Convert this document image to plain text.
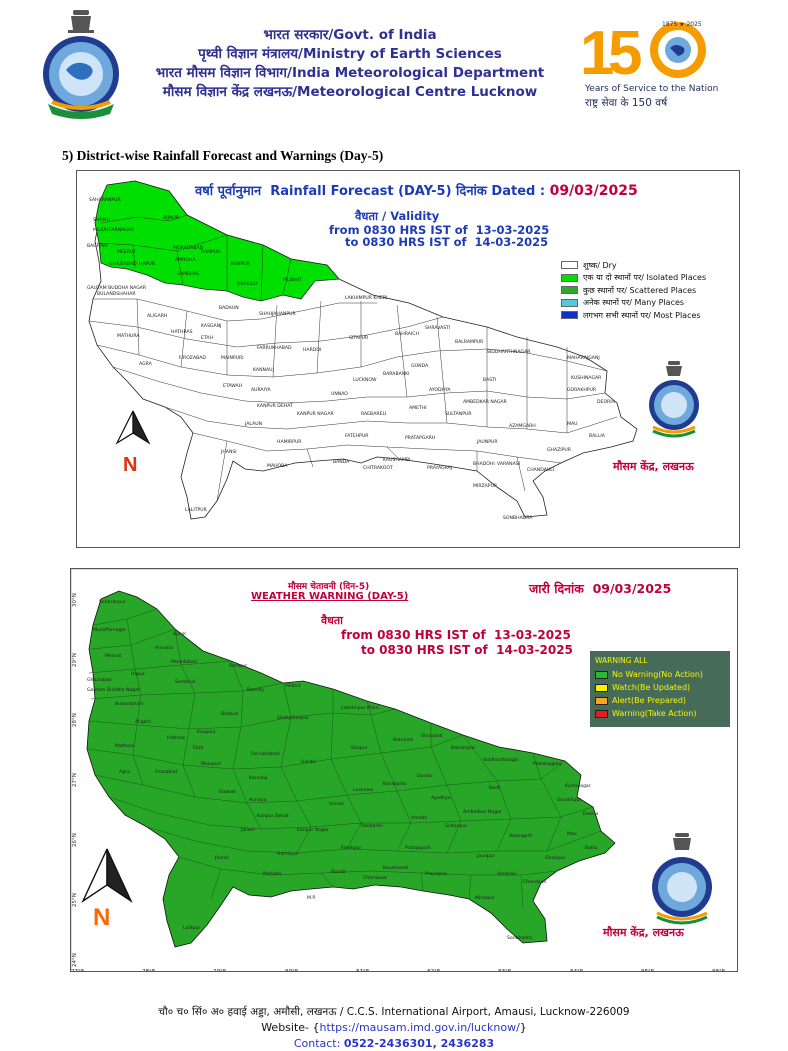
भारत सरकार/Govt. of India
पृथ्वी विज्ञान मंत्रालय/Ministry of Earth Sciences
भारत मौसम विज्ञान विभाग/India Meteorological Department
मौसम विज्ञान केंद्र लखनऊ/Meteorological Centre Lucknow
1
5	1875 ★ 2025
Years of Service to the Nation
राष्ट्र सेवा के 150 वर्ष
5) District-wise Rainfall Forecast and Warnings (Day-5)
SAHARANPUR
SHAMLI	BIJNOR
MUZAFFARNAGAR
BAGHPAT
MEERUT
MORADABAD
RAMPUR
GHAZIABAD HAPUR
AMROHA
SAMBHAL
KANPUR
BAREILLY
PILIBHIT
GAUTAM BUDDHA NAGAR
BULANDSHAHAR
BADAUN
SHAHJAHANPUR
LAKHIMPUR KHERI
ALIGARH
MATHURA
HATHRAS
KASGANJ
AGRA
ETAH
FIROZABAD	MAINPURI
FARRUKHABAD HARDOI
SITAPUR
BAHRAICH
SHRAVASTI
BALRAMPUR
SIDDHARTHNAGAR
MAHARAJGANJ
KANNAUJ
ETAWAH
AURAIYA
KANPUR DEHAT
KANPUR NAGAR
UNNAO
LUCKNOW
BARABANKI
GONDA
BASTI	KUSHINAGAR
GORAKHPUR
DEORIA
AYODHYA
AMBEDKAR NAGAR
AZAMGARH	MAU
BALLIA
JALAUN
HAMIRPUR
FATEHPUR
RAEBARELI
AMETHI
SULTANPUR
JAUNPUR
GHAZIPUR
JHANSI
MAHOBA
BANDA
CHITRAKOOT
KAUSHAMBI
PRATAPGARH
PRAYAGRAJ
VARANASI
CHANDAULI
MIRZAPUR
SONBHADRA
LALITPUR
BHADOHI
N
वर्षा पूर्वानुमान Rainfall Forecast (DAY-5) दिनांक Dated : 09/03/2025
वैधता / Validity
from 0830 HRS IST of 13-03-2025
to 0830 HRS IST of 14-03-2025
शुष्क/ Dry
एक या दो स्थानों पर/ Isolated Places
कुछ स्थानों पर/ Scattered Places
अनेक स्थानों पर/ Many Places
लगभग सभी स्थानों पर/ Most Places
मौसम केंद्र, लखनऊ
77°E	78°E	79°E	80°E	81°E	82°E	83°E	84°E	85°E	86°E
30°N
29°N
28°N
27°N
26°N
25°N
24°N
Saharanpur
Muzaffarnagar
Bijnor
Meerut
Moradabad
Rampur
Ghaziabad
Hapur
Amroha
Sambhal
Bareilly
Pilibhit
Gautam Buddha Nagar
Bulandshahr
Badaun
Shahjahanpur
Lakhimpur Kheri
Aligarh
Mathura
Hathras
Kasganj
Agra
Etah
Firozabad
Mainpuri
Farrukhabad
Hardoi
Sitapur
Bahraich
Shravasti
Balrampur
Siddharthnagar
Maharajganj
Kannauj
Etawah
Auraiya
Kanpur Dehat
Kanpur Nagar
Unnao
Lucknow
Barabanki
Gonda
Basti	Kushinagar
Gorakhpur
Deoria
Ayodhya
Ambedkar Nagar
Azamgarh	Mau
Ballia
Jalaun
Hamirpur
Fatehpur
Raebareli
Amethi
Sultanpur
Jaunpur	Ghazipur
Jhansi
Mahoba	Banda
Chitrakoot
Kaushambi
Pratapgarh
Prayagraj	Varanasi
Chandauli
Mirzapur
Sonbhadra
Lalitpur
M.P.
N
मौसम चेतावनी (दिन-5)
WEATHER WARNING (DAY-5)
जारी दिनांक 09/03/2025
वैधता
from 0830 HRS IST of 13-03-2025
to 0830 HRS IST of 14-03-2025
WARNING ALL
No Warning(No Action)
Watch(Be Updated)
Alert(Be Prepared)
Warning(Take Action)
मौसम केंद्र, लखनऊ
चौ० च० सिं० अ० हवाई अड्डा, अमौसी, लखनऊ / C.C.S. International Airport, Amausi, Lucknow-226009
Website- {https://mausam.imd.gov.in/lucknow/}
Contact: 0522-2436301, 2436283
